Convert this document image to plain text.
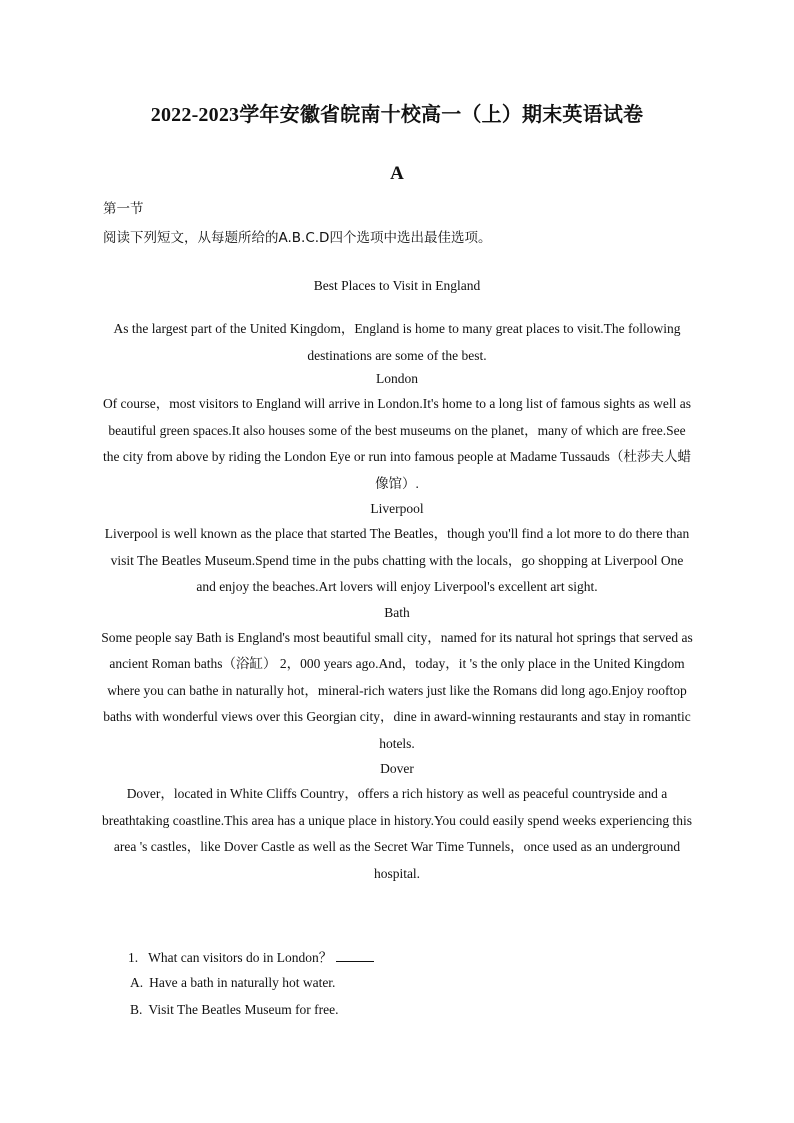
2022-2023学年安徽省皖南十校高一（上）期末英语试卷
A
第一节
阅读下列短文，从每题所给的A.B.C.D四个选项中选出最佳选项。

Best Places to Visit in England

As the largest part of the United Kingdom，England is home to many great places to visit.The following destinations are some of the best.

London

Of course，most visitors to England will arrive in London.It's home to a long list of famous sights as well as beautiful green spaces.It also houses some of the best museums on the planet，many of which are free.See the city from above by riding the London Eye or run into famous people at Madame Tussauds（杜莎夫人蜡像馆）.

Liverpool

Liverpool is well known as the place that started The Beatles，though you'll find a lot more to do there than visit The Beatles Museum.Spend time in the pubs chatting with the locals，go shopping at Liverpool One and enjoy the beaches.Art lovers will enjoy Liverpool's excellent art sight.

Bath

Some people say Bath is England's most beautiful small city，named for its natural hot springs that served as ancient Roman baths（浴缸） 2，000 years ago.And，today，it 's the only place in the United Kingdom where you can bathe in naturally hot，mineral-rich waters just like the Romans did long ago.Enjoy rooftop baths with wonderful views over this Georgian city，dine in award-winning restaurants and stay in romantic hotels.

Dover

Dover，located in White Cliffs Country，offers a rich history as well as peaceful countryside and a breathtaking coastline.This area has a unique place in history.You could easily spend weeks experiencing this area 's castles，like Dover Castle as well as the Secret War Time Tunnels，once used as an underground hospital.

1. What can visitors do in London？
A. Have a bath in naturally hot water.
B. Visit The Beatles Museum for free.
